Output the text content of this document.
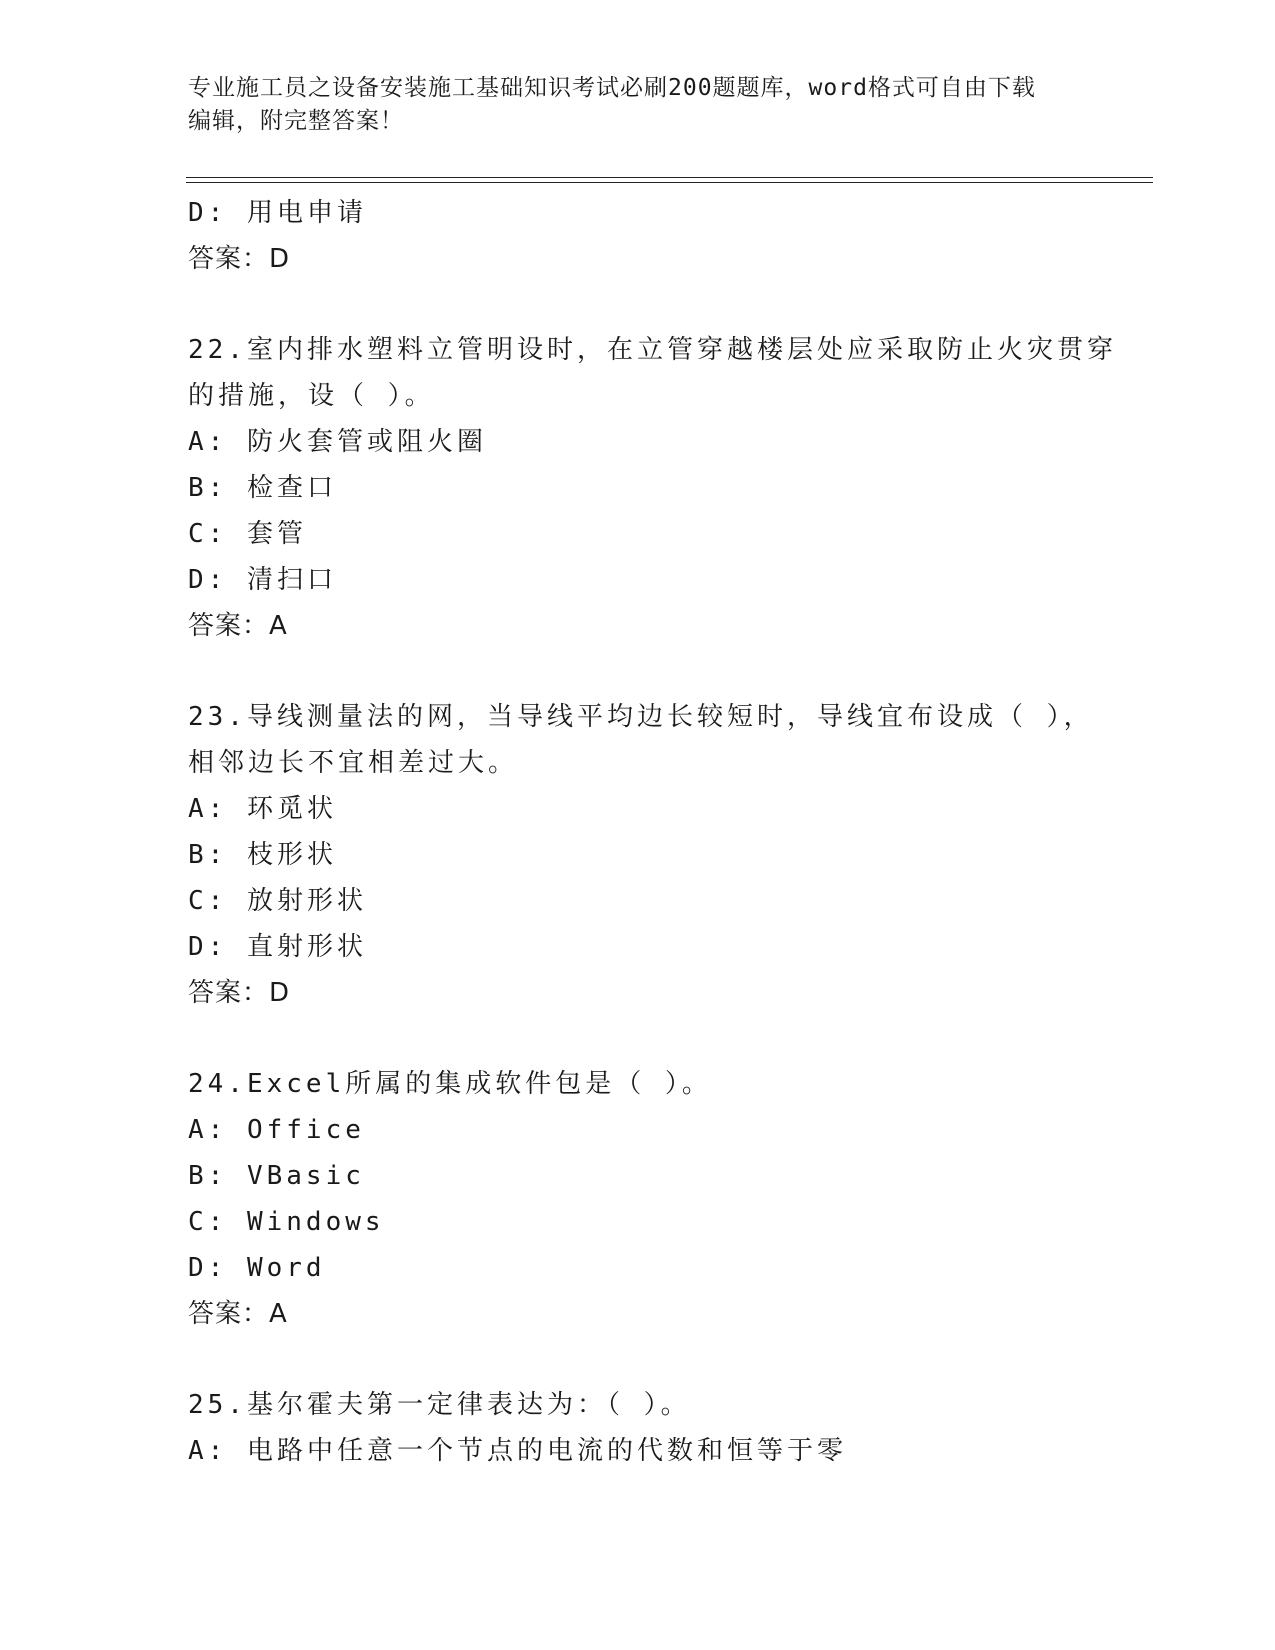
专业施工员之设备安装施工基础知识考试必刷200题题库，word格式可自由下载
编辑，附完整答案！
D: 用电申请
答案：D
22.室内排水塑料立管明设时，在立管穿越楼层处应采取防止火灾贯穿
的措施，设（ ）。
A: 防火套管或阻火圈
B: 检查口
C: 套管
D: 清扫口
答案：A
23.导线测量法的网，当导线平均边长较短时，导线宜布设成（ ），
相邻边长不宜相差过大。
A: 环觅状
B: 枝形状
C: 放射形状
D: 直射形状
答案：D
24.Excel所属的集成软件包是（ ）。
A: Office
B: VBasic
C: Windows
D: Word
答案：A
25.基尔霍夫第一定律表达为：（ ）。
A: 电路中任意一个节点的电流的代数和恒等于零
